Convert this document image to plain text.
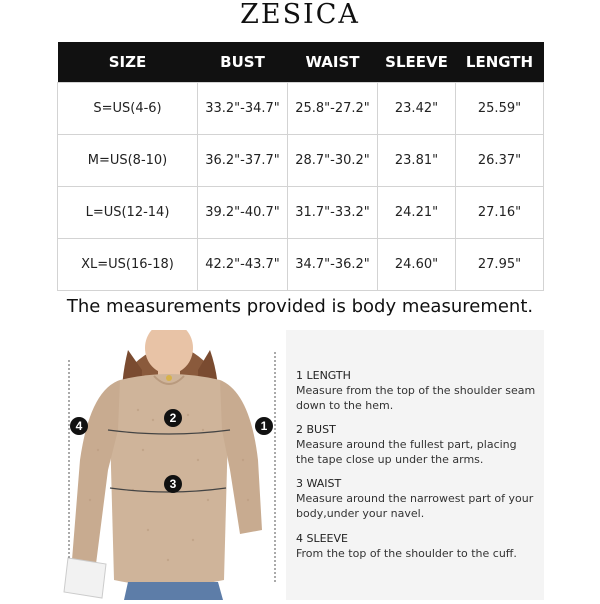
ZESICA
SIZE	BUST	WAIST	SLEEVE	LENGTH
S=US(4-6)	33.2"-34.7"	25.8"-27.2"	23.42"	25.59"
M=US(8-10)	36.2"-37.7"	28.7"-30.2"	23.81"	26.37"
L=US(12-14)	39.2"-40.7"	31.7"-33.2"	24.21"	27.16"
XL=US(16-18)	42.2"-43.7"	34.7"-36.2"	24.60"	27.95"
The measurements provided is body measurement.
2
3
1
4
1 LENGTH
Measure from the top of the shoulder seam down to the hem.
2 BUST
Measure around the fullest part, placing the tape close up under the arms.
3 WAIST
Measure around the narrowest part of your body,under your navel.
4 SLEEVE
From the top of the shoulder to the cuff.
